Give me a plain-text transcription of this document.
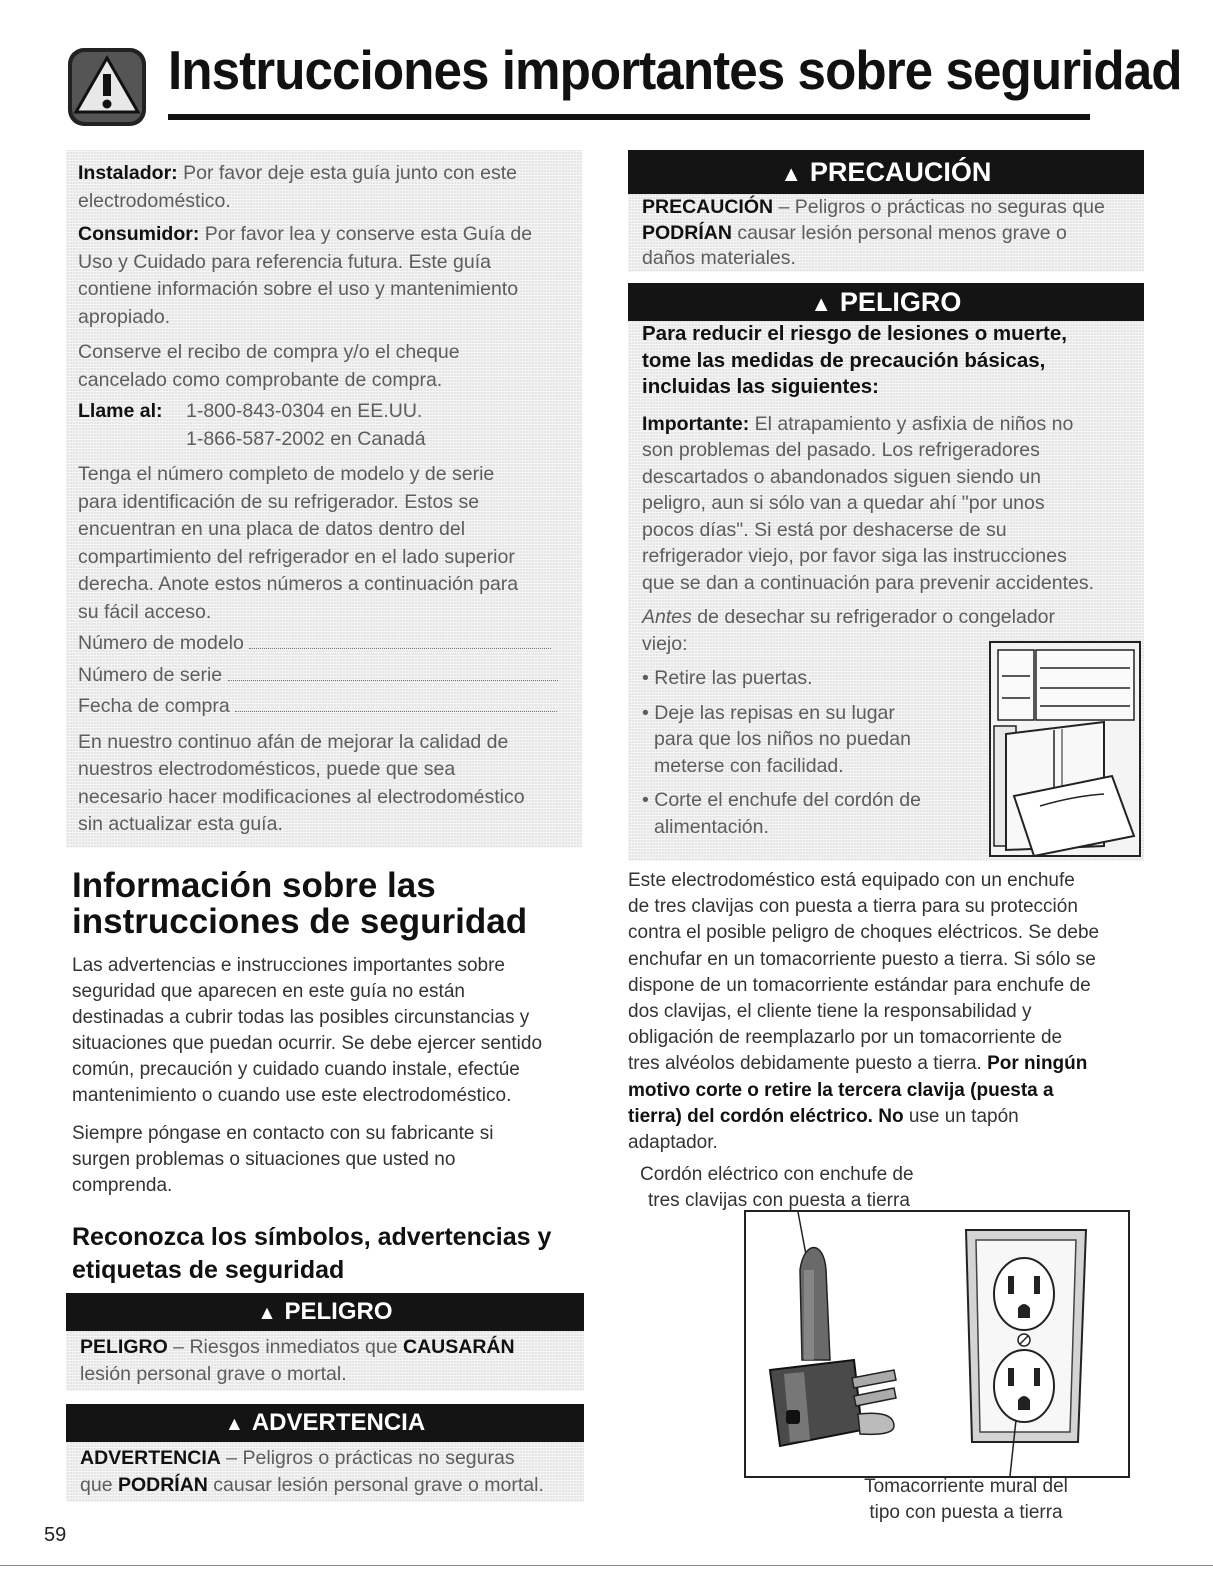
Instrucciones importantes sobre seguridad
Instalador: Por favor deje esta guía junto con este
electrodoméstico.
Consumidor: Por favor lea y conserve esta Guía de
Uso y Cuidado para referencia futura. Este guía
contiene información sobre el uso y mantenimiento
apropiado.
Conserve el recibo de compra y/o el cheque
cancelado como comprobante de compra.
Llame al: 1-800-843-0304 en EE.UU.
1-866-587-2002 en Canadá
Tenga el número completo de modelo y de serie
para identificación de su refrigerador. Estos se
encuentran en una placa de datos dentro del
compartimiento del refrigerador en el lado superior
derecha. Anote estos números a continuación para
su fácil acceso.
Número de modelo
Número de serie
Fecha de compra
En nuestro continuo afán de mejorar la calidad de
nuestros electrodomésticos, puede que sea
necesario hacer modificaciones al electrodoméstico
sin actualizar esta guía.
Información sobre las
instrucciones de seguridad
Las advertencias e instrucciones importantes sobre
seguridad que aparecen en este guía no están
destinadas a cubrir todas las posibles circunstancias y
situaciones que puedan ocurrir. Se debe ejercer sentido
común, precaución y cuidado cuando instale, efectúe
mantenimiento o cuando use este electrodoméstico.
Siempre póngase en contacto con su fabricante si
surgen problemas o situaciones que usted no
comprenda.
Reconozca los símbolos, advertencias y
etiquetas de seguridad
▲ PELIGRO
PELIGRO – Riesgos inmediatos que CAUSARÁN
lesión personal grave o mortal.
▲ ADVERTENCIA
ADVERTENCIA – Peligros o prácticas no seguras
que PODRÍAN causar lesión personal grave o mortal.
59
▲ PRECAUCIÓN
PRECAUCIÓN – Peligros o prácticas no seguras que
PODRÍAN causar lesión personal menos grave o
daños materiales.
▲ PELIGRO
Para reducir el riesgo de lesiones o muerte,
tome las medidas de precaución básicas,
incluidas las siguientes:
Importante: El atrapamiento y asfixia de niños no
son problemas del pasado. Los refrigeradores
descartados o abandonados siguen siendo un
peligro, aun si sólo van a quedar ahí "por unos
pocos días". Si está por deshacerse de su
refrigerador viejo, por favor siga las instrucciones
que se dan a continuación para prevenir accidentes.
Antes de desechar su refrigerador o congelador
viejo:
• Retire las puertas.
• Deje las repisas en su lugar
para que los niños no puedan
meterse con facilidad.
• Corte el enchufe del cordón de
alimentación.
Este electrodoméstico está equipado con un enchufe
de tres clavijas con puesta a tierra para su protección
contra el posible peligro de choques eléctricos. Se debe
enchufar en un tomacorriente puesto a tierra. Si sólo se
dispone de un tomacorriente estándar para enchufe de
dos clavijas, el cliente tiene la responsabilidad y
obligación de reemplazarlo por un tomacorriente de
tres alvéolos debidamente puesto a tierra. Por ningún
motivo corte o retire la tercera clavija (puesta a
tierra) del cordón eléctrico. No use un tapón
adaptador.
Cordón eléctrico con enchufe de
tres clavijas con puesta a tierra
Tomacorriente mural del
tipo con puesta a tierra
